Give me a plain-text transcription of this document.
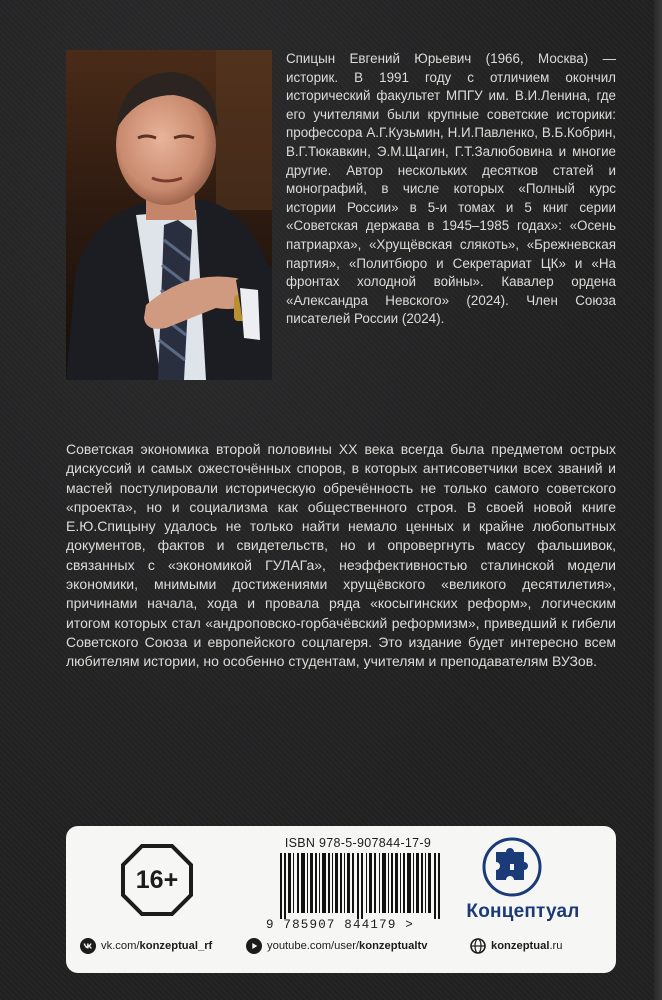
Спицын Евгений Юрьевич (1966, Москва) — историк. В 1991 году с отличием окончил исторический факультет МПГУ им. В.И.Ленина, где его учителями были крупные советские историки: профессора А.Г.Кузьмин, Н.И.Павленко, В.Б.Кобрин, В.Г.Тюкавкин, Э.М.Щагин, Г.Т.Залюбовина и многие другие. Автор нескольких десятков статей и монографий, в числе которых «Полный курс истории России» в 5-и томах и 5 книг серии «Советская держава в 1945–1985 годах»: «Осень патриарха», «Хрущёвская слякоть», «Брежневская партия», «Политбюро и Секретариат ЦК» и «На фронтах холодной войны». Кавалер ордена «Александра Невского» (2024). Член Союза писателей России (2024).

Советская экономика второй половины XX века всегда была предметом острых дискуссий и самых ожесточённых споров, в которых антисоветчики всех званий и мастей постулировали историческую обречённость не только самого советского «проекта», но и социализма как общественного строя. В своей новой книге Е.Ю.Спицыну удалось не только найти немало ценных и крайне любопытных документов, фактов и свидетельств, но и опровергнуть массу фальшивок, связанных с «экономикой ГУЛАГа», неэффективностью сталинской модели экономики, мнимыми достижениями хрущёвского «великого десятилетия», причинами начала, хода и провала ряда «косыгинских реформ», логическим итогом которых стал «андроповско-горбачёвский реформизм», приведший к гибели Советского Союза и европейского соцлагеря. Это издание будет интересно всем любителям истории, но особенно студентам, учителям и преподавателям ВУЗов.

16+
ISBN 978-5-907844-17-9
9 785907 844179 >
Концептуал
vk.com/konzeptual_rf	youtube.com/user/konzeptualtv	konzeptual.ru
